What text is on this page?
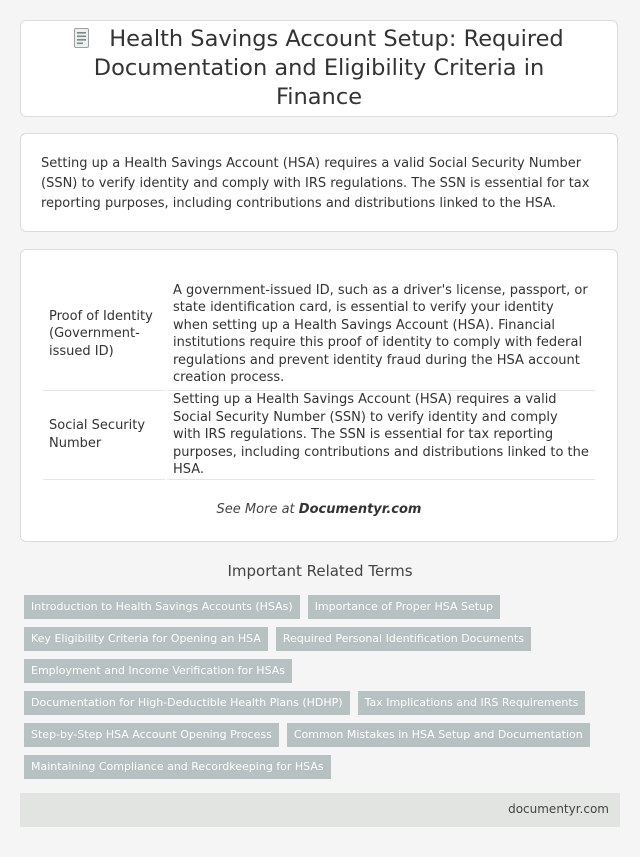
Health Savings Account Setup: Required Documentation and Eligibility Criteria in Finance

Setting up a Health Savings Account (HSA) requires a valid Social Security Number (SSN) to verify identity and comply with IRS regulations. The SSN is essential for tax reporting purposes, including contributions and distributions linked to the HSA.

Proof of Identity (Government-issued ID)	A government-issued ID, such as a driver's license, passport, or state identification card, is essential to verify your identity when setting up a Health Savings Account (HSA). Financial institutions require this proof of identity to comply with federal regulations and prevent identity fraud during the HSA account creation process.
Social Security Number	Setting up a Health Savings Account (HSA) requires a valid Social Security Number (SSN) to verify identity and comply with IRS regulations. The SSN is essential for tax reporting purposes, including contributions and distributions linked to the HSA.
See More at Documentyr.com
Important Related Terms
Introduction to Health Savings Accounts (HSAs)	Importance of Proper HSA Setup
Key Eligibility Criteria for Opening an HSA	Required Personal Identification Documents
Employment and Income Verification for HSAs
Documentation for High-Deductible Health Plans (HDHP)	Tax Implications and IRS Requirements
Step-by-Step HSA Account Opening Process	Common Mistakes in HSA Setup and Documentation
Maintaining Compliance and Recordkeeping for HSAs
documentyr.com
